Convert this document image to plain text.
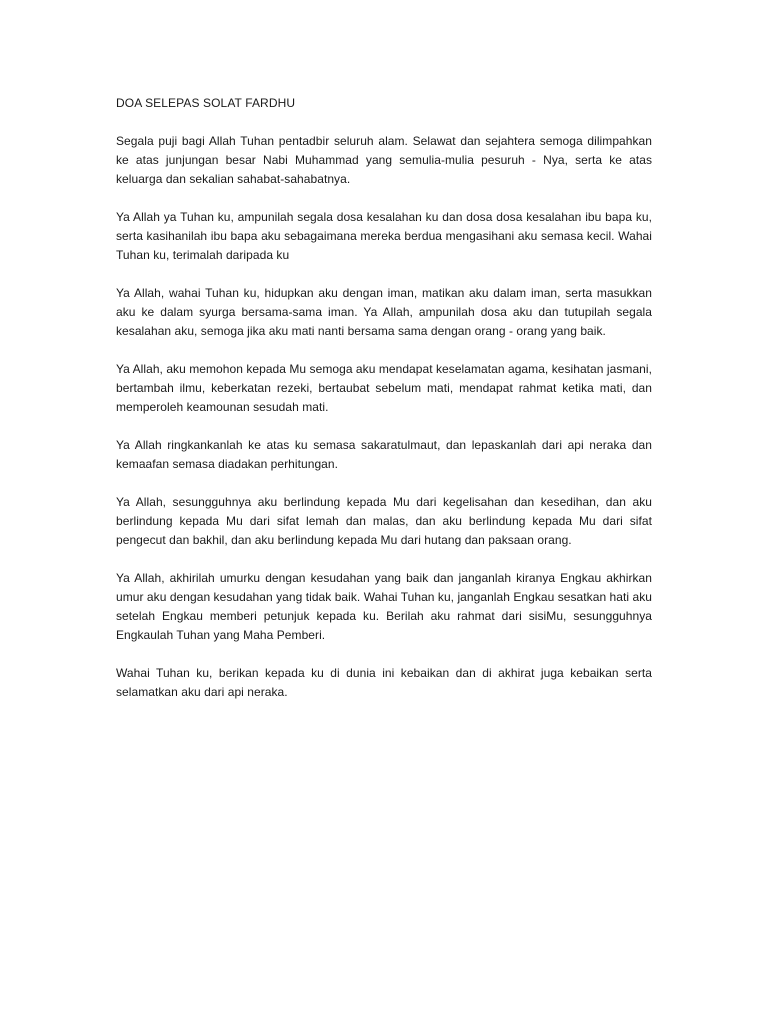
DOA SELEPAS SOLAT FARDHU

Segala puji bagi Allah Tuhan pentadbir seluruh alam. Selawat dan sejahtera semoga dilimpahkan ke atas junjungan besar Nabi Muhammad yang semulia-mulia pesuruh - Nya, serta ke atas keluarga dan sekalian sahabat-sahabatnya.

Ya Allah ya Tuhan ku, ampunilah segala dosa kesalahan ku dan dosa dosa kesalahan ibu bapa ku, serta kasihanilah ibu bapa aku sebagaimana mereka berdua mengasihani aku semasa kecil. Wahai Tuhan ku, terimalah daripada ku

Ya Allah, wahai Tuhan ku, hidupkan aku dengan iman, matikan aku dalam iman, serta masukkan aku ke dalam syurga bersama-sama iman. Ya Allah, ampunilah dosa aku dan tutupilah segala kesalahan aku, semoga jika aku mati nanti bersama sama dengan orang - orang yang baik.

Ya Allah, aku memohon kepada Mu semoga aku mendapat keselamatan agama, kesihatan jasmani, bertambah ilmu, keberkatan rezeki, bertaubat sebelum mati, mendapat rahmat ketika mati, dan memperoleh keamounan sesudah mati.

Ya Allah ringkankanlah ke atas ku semasa sakaratulmaut, dan lepaskanlah dari api neraka dan kemaafan semasa diadakan perhitungan.

Ya Allah, sesungguhnya aku berlindung kepada Mu dari kegelisahan dan kesedihan, dan aku berlindung kepada Mu dari sifat lemah dan malas, dan aku berlindung kepada Mu dari sifat pengecut dan bakhil, dan aku berlindung kepada Mu dari hutang dan paksaan orang.

Ya Allah, akhirilah umurku dengan kesudahan yang baik dan janganlah kiranya Engkau akhirkan umur aku dengan kesudahan yang tidak baik. Wahai Tuhan ku, janganlah Engkau sesatkan hati aku setelah Engkau memberi petunjuk kepada ku. Berilah aku rahmat dari sisiMu, sesungguhnya Engkaulah Tuhan yang Maha Pemberi.

Wahai Tuhan ku, berikan kepada ku di dunia ini kebaikan dan di akhirat juga kebaikan serta selamatkan aku dari api neraka.
